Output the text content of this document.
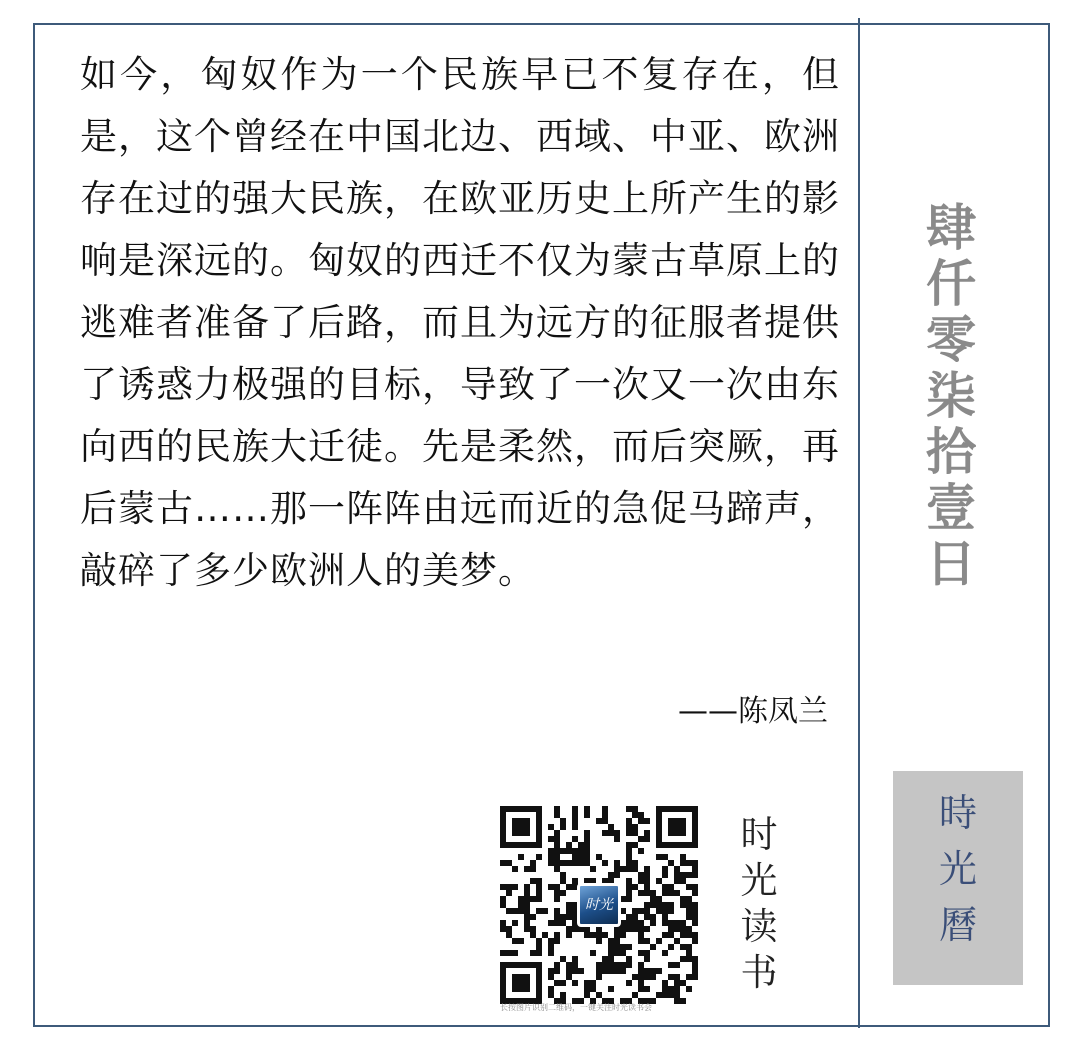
如今，匈奴作为一个民族早已不复存在，但是，这个曾经在中国北边、西域、中亚、欧洲存在过的强大民族，在欧亚历史上所产生的影响是深远的。匈奴的西迁不仅为蒙古草原上的逃难者准备了后路，而且为远方的征服者提供了诱惑力极强的目标，导致了一次又一次由东向西的民族大迁徒。先是柔然，而后突厥，再后蒙古……那一阵阵由远而近的急促马蹄声，敲碎了多少欧洲人的美梦。

——陈凤兰
时光
长按图片识别二维码，一键关注时光读书会
时
光
读
书
肆
仟
零
柒
拾
壹
日
時
光
曆
